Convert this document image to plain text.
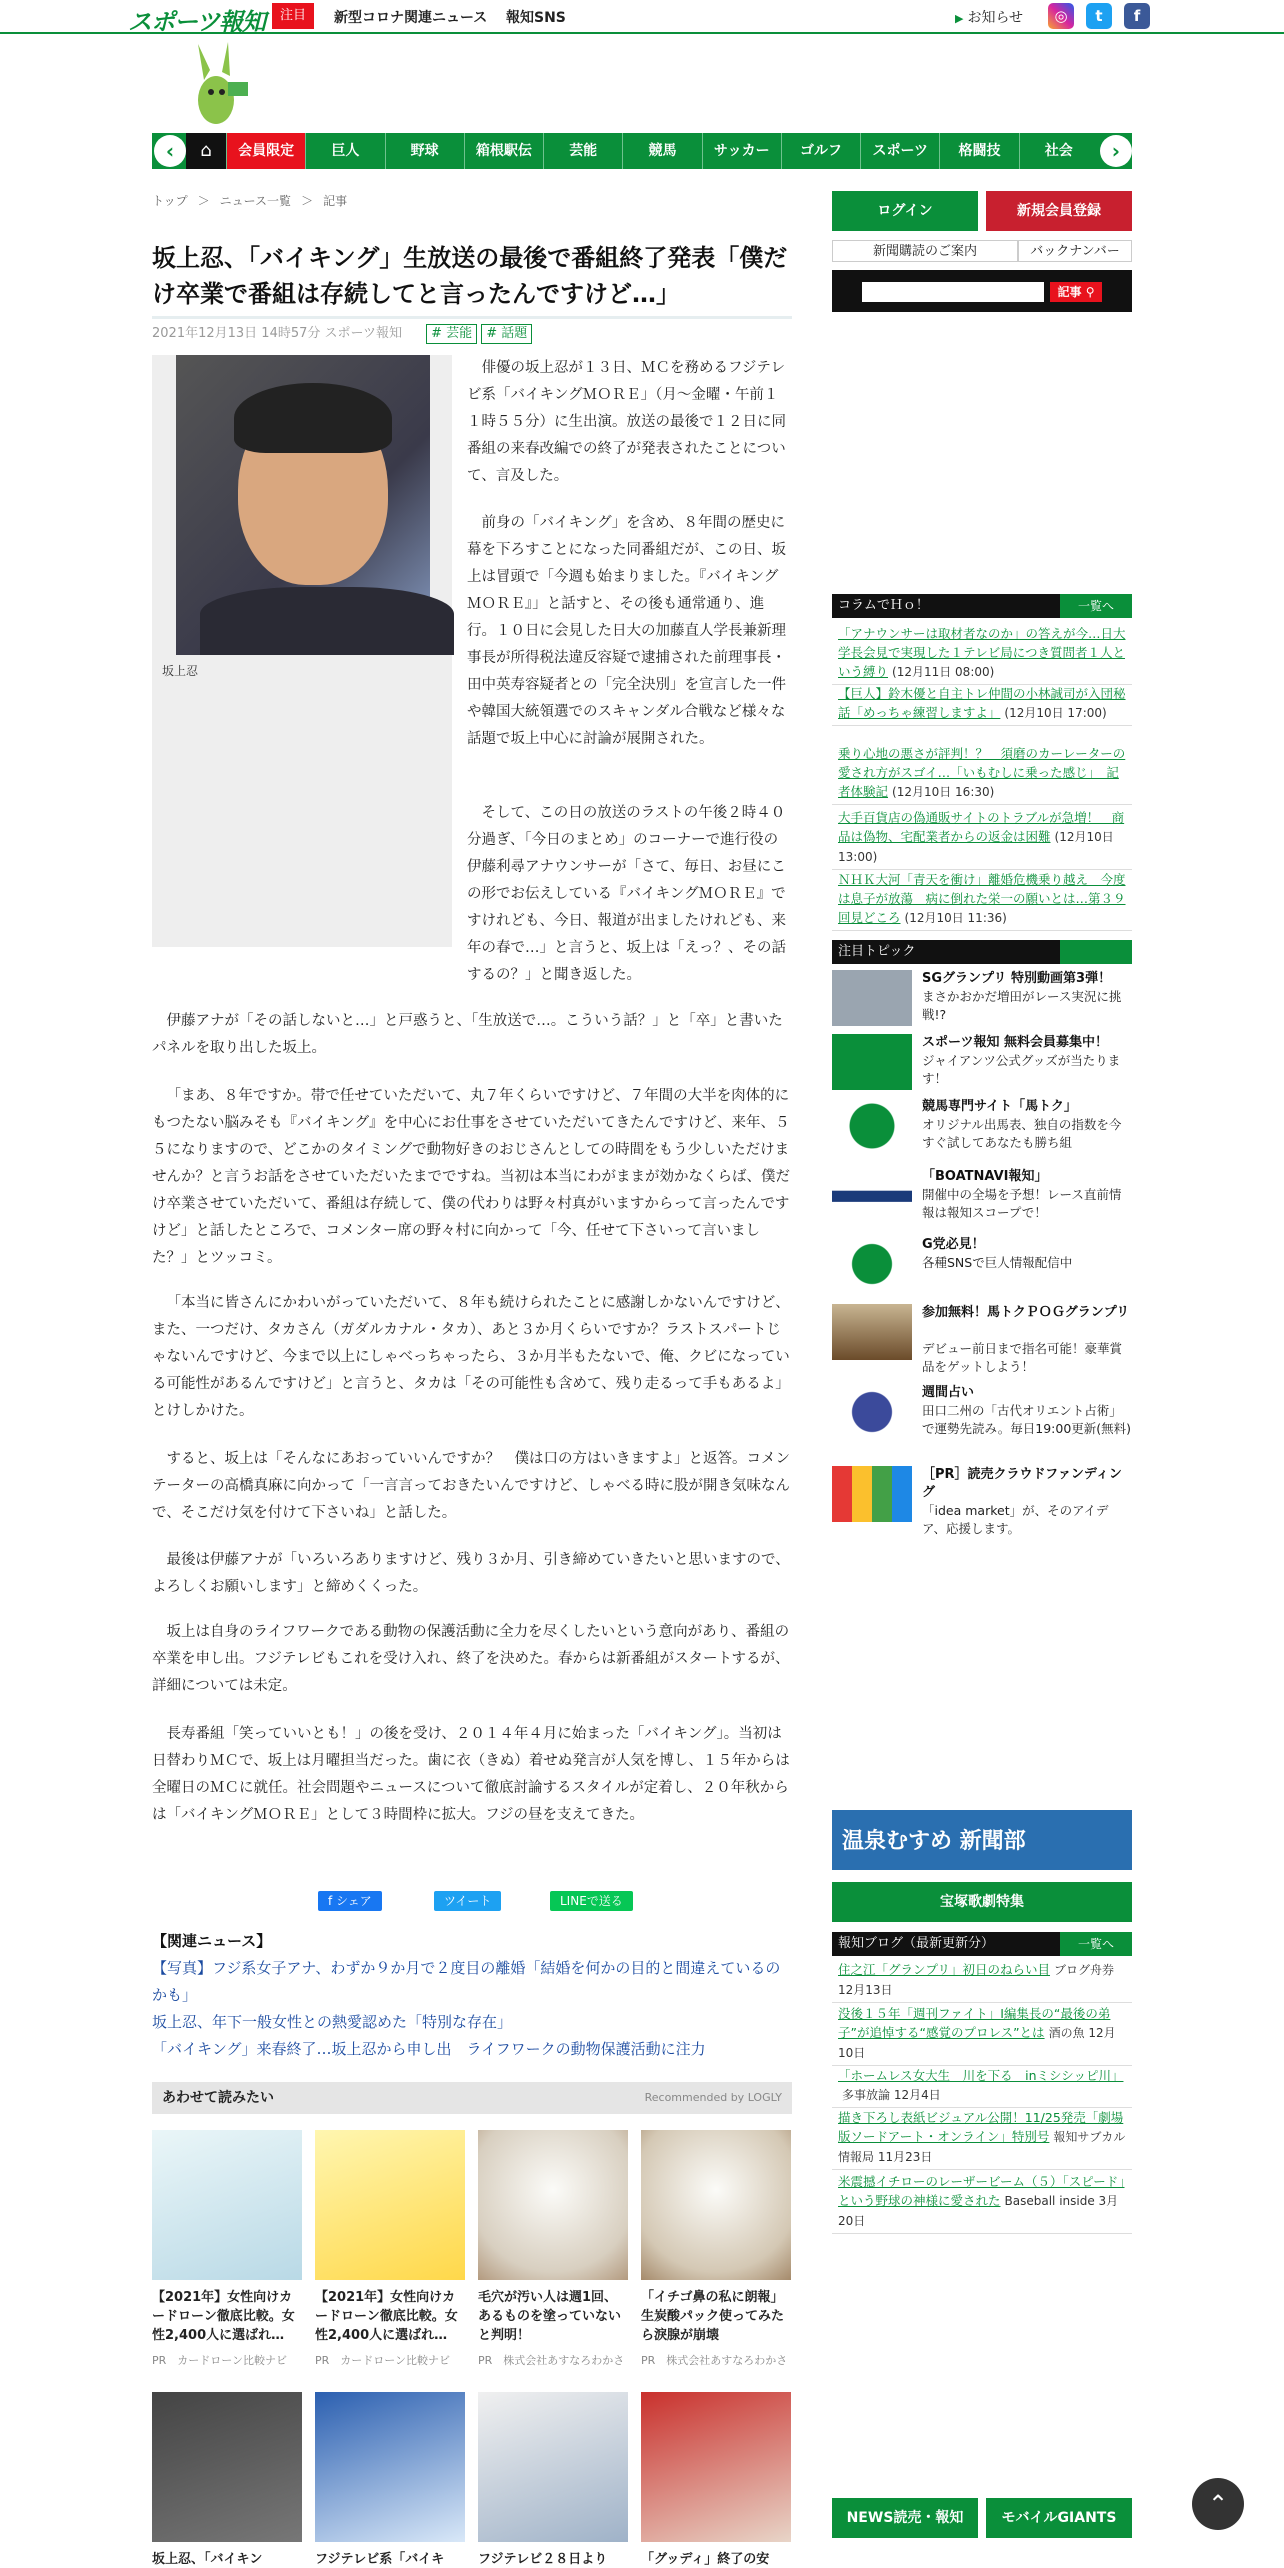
スポーツ報知	注目	新型コロナ関連ニュース 報知SNS	▶ お知らせ	◎	t	f
‹	⌂	会員限定	巨人	野球	箱根駅伝	芸能	競馬	サッカー	ゴルフ	スポーツ	格闘技	社会	›
トップ ＞ ニュース一覧 ＞ 記事
坂上忍、「バイキング」生放送の最後で番組終了発表「僕だけ卒業で番組は存続してと言ったんですけど…」
2021年12月13日 14時57分 スポーツ報知 # 芸能 # 話題
坂上忍

俳優の坂上忍が１３日、ＭＣを務めるフジテレビ系「バイキングＭＯＲＥ」（月～金曜・午前１１時５５分）に生出演。放送の最後で１２日に同番組の来春改編での終了が発表されたことについて、言及した。

前身の「バイキング」を含め、８年間の歴史に幕を下ろすことになった同番組だが、この日、坂上は冒頭で「今週も始まりました。『バイキングＭＯＲＥ』」と話すと、その後も通常通り、進行。１０日に会見した日大の加藤直人学長兼新理事長が所得税法違反容疑で逮捕された前理事長・田中英寿容疑者との「完全決別」を宣言した一件や韓国大統領選でのスキャンダル合戦など様々な話題で坂上中心に討論が展開された。

そして、この日の放送のラストの午後２時４０分過ぎ、「今日のまとめ」のコーナーで進行役の伊藤利尋アナウンサーが「さて、毎日、お昼にこの形でお伝えしている『バイキングＭＯＲＥ』ですけれども、今日、報道が出ましたけれども、来年の春で…」と言うと、坂上は「えっ？、その話するの？」と聞き返した。

伊藤アナが「その話しないと…」と戸惑うと、「生放送で…。こういう話？」と「卒」と書いたパネルを取り出した坂上。

「まあ、８年ですか。帯で任せていただいて、丸７年くらいですけど、７年間の大半を肉体的にもつたない脳みそも『バイキング』を中心にお仕事をさせていただいてきたんですけど、来年、５５になりますので、どこかのタイミングで動物好きのおじさんとしての時間をもう少しいただけませんか？と言うお話をさせていただいたまでですね。当初は本当にわがままが効かなくらば、僕だけ卒業させていただいて、番組は存続して、僕の代わりは野々村真がいますからって言ったんですけど」と話したところで、コメンター席の野々村に向かって「今、任せて下さいって言いました？」とツッコミ。

「本当に皆さんにかわいがっていただいて、８年も続けられたことに感謝しかないんですけど、また、一つだけ、タカさん（ガダルカナル・タカ）、あと３か月くらいですか？ラストスパートじゃないんですけど、今まで以上にしゃべっちゃったら、３か月半もたないで、俺、クビになっている可能性があるんですけど」と言うと、タカは「その可能性も含めて、残り走るって手もあるよ」とけしかけた。

すると、坂上は「そんなにあおっていいんですか？　僕は口の方はいきますよ」と返答。コメンテーターの高橋真麻に向かって「一言言っておきたいんですけど、しゃべる時に股が開き気味なんで、そこだけ気を付けて下さいね」と話した。

最後は伊藤アナが「いろいろありますけど、残り３か月、引き締めていきたいと思いますので、よろしくお願いします」と締めくくった。

坂上は自身のライフワークである動物の保護活動に全力を尽くしたいという意向があり、番組の卒業を申し出。フジテレビもこれを受け入れ、終了を決めた。春からは新番組がスタートするが、詳細については未定。

長寿番組「笑っていいとも！」の後を受け、２０１４年４月に始まった「バイキング」。当初は日替わりＭＣで、坂上は月曜担当だった。歯に衣（きぬ）着せぬ発言が人気を博し、１５年からは全曜日のＭＣに就任。社会問題やニュースについて徹底討論するスタイルが定着し、２０年秋からは「バイキングＭＯＲＥ」として３時間枠に拡大。フジの昼を支えてきた。

f シェア	ツイート	LINEで送る
【関連ニュース】
【写真】フジ系女子アナ、わずか９か月で２度目の離婚「結婚を何かの目的と間違えているのかも」
坂上忍、年下一般女性との熱愛認めた「特別な存在」
「バイキング」来春終了…坂上忍から申し出　ライフワークの動物保護活動に注力
あわせて読みたい	Recommended by LOGLY
【2021年】女性向けカードローン徹底比較。女性2,400人に選ばれ…
PR　カードローン比較ナビ
【2021年】女性向けカードローン徹底比較。女性2,400人に選ばれ…
PR　カードローン比較ナビ
毛穴が汚い人は週1回、あるものを塗っていないと判明！
PR　株式会社あすなろわかさ
「イチゴ鼻の私に朗報」生炭酸パック使ってみたら淚腺が崩壊
PR　株式会社あすなろわかさ
坂上忍、「バイキン	フジテレビ系「バイキ	フジテレビ２８日より	「グッディ」終了の安
ログイン	新規会員登録
新聞購読のご案内	バックナンバー
記事 ⚲
コラムでＨｏ！	一覧へ
「アナウンサーは取材者なのか」の答えが今…日大学長会見で実現した１テレビ局につき質問者１人という縛り (12月11日 08:00)
【巨人】鈴木優と自主トレ仲間の小林誠司が入団秘話「めっちゃ練習しますよ」 (12月10日 17:00)
乗り心地の悪さが評判！？　須磨のカーレーターの愛され方がスゴイ…「いもむしに乗った感じ」　記者体験記 (12月10日 16:30)
大手百貨店の偽通販サイトのトラブルが急増！　商品は偽物、宅配業者からの返金は困難 (12月10日 13:00)
ＮＨＫ大河「青天を衝け」離婚危機乗り越え　今度は息子が放蕩　病に倒れた栄一の願いとは…第３９回見どころ (12月10日 11:36)
注目トピック
SGグランプリ 特別動画第3弾！
まさかおかだ増田がレース実況に挑戦!?
スポーツ報知 無料会員募集中！
ジャイアンツ公式グッズが当たります！
競馬専門サイト「馬トク」
オリジナル出馬表、独自の指数を今すぐ試してあなたも勝ち組
「BOATNAVI報知」
開催中の全場を予想！レース直前情報は報知スコープで！
G党必見！
各種SNSで巨人情報配信中
参加無料！馬トクＰＯＧグランプリ
デビュー前日まで指名可能！豪華賞品をゲットしよう！
週間占い
田口二州の「古代オリエント占術」で運勢先読み。毎日19:00更新(無料)
［PR］読売クラウドファンディング
「idea market」が、そのアイデア、応援します。
温泉むすめ 新聞部
宝塚歌劇特集
報知ブログ（最新更新分）	一覧へ
住之江「グランプリ」初日のねらい目 ブログ舟券 12月13日
没後１５年「週刊ファイト」I編集長の“最後の弟子”が追悼する“感覚のプロレス”とは 酒の魚 12月10日
「ホームレス女大生　川を下る　inミシシッピ川」多事放論 12月4日
描き下ろし表紙ビジュアル公開！11/25発売「劇場版ソードアート・オンライン」特別号 報知サブカル情報局 11月23日
米震撼イチローのレーザービーム（５）「スピード」という野球の神様に愛された Baseball inside 3月20日
NEWS読売・報知	モバイルGIANTS	⌃
